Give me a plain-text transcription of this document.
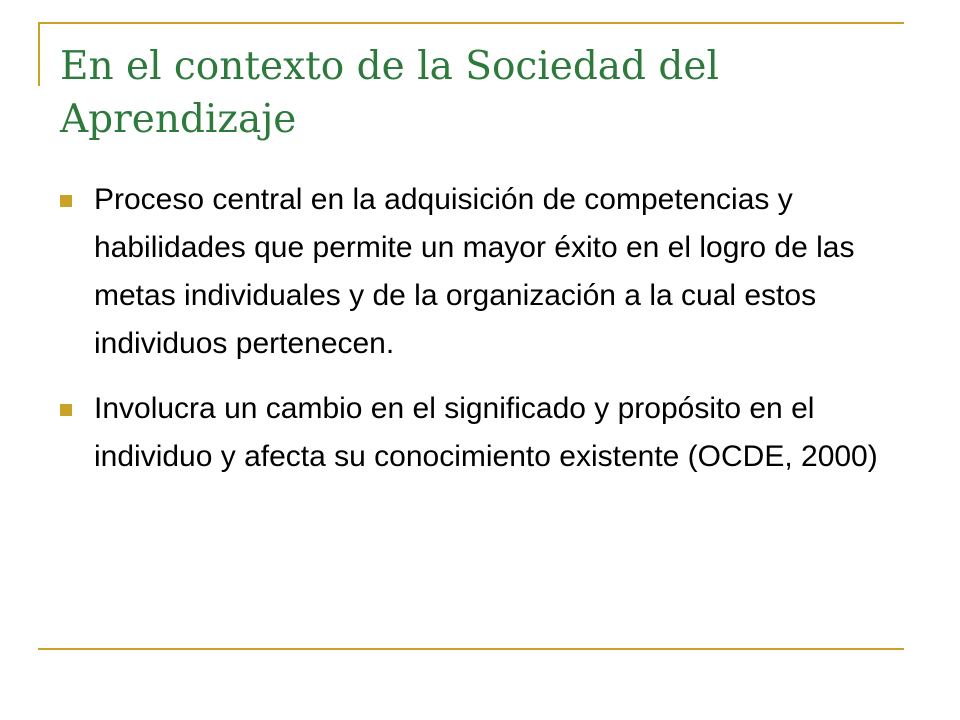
En el contexto de la Sociedad del Aprendizaje
Proceso central en la adquisición de competencias y habilidades que permite un mayor éxito en el logro de las metas individuales y de la organización a la cual estos individuos pertenecen.
Involucra un cambio en el significado y propósito en el individuo y afecta su conocimiento existente (OCDE, 2000)
